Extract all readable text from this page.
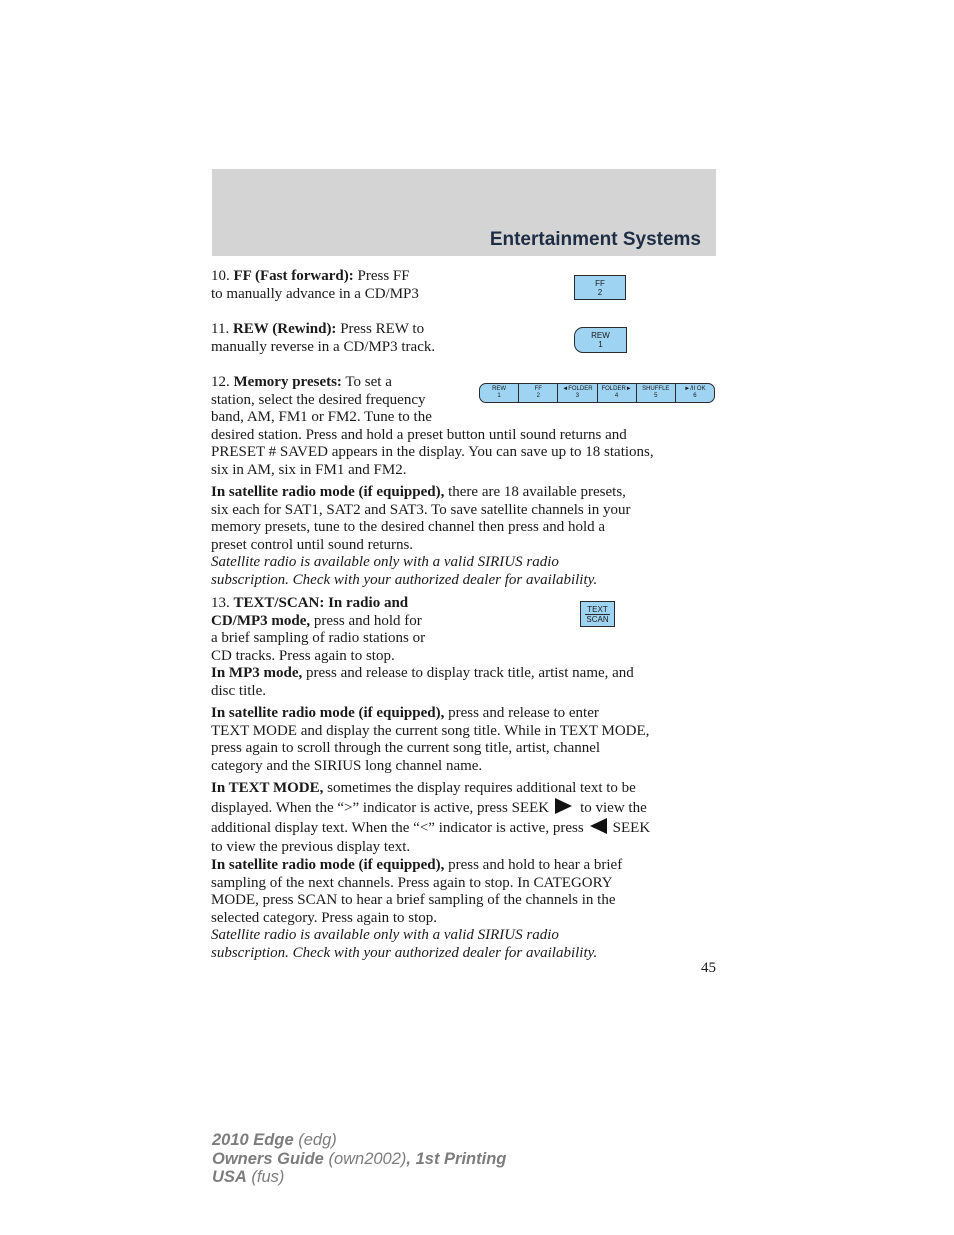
Entertainment Systems

10. FF (Fast forward): Press FF
to manually advance in a CD/MP3

FF
2

11. REW (Rewind): Press REW to
manually reverse in a CD/MP3 track.

REW
1

12. Memory presets: To set a
station, select the desired frequency
band, AM, FM1 or FM2. Tune to the
desired station. Press and hold a preset button until sound returns and
PRESET # SAVED appears in the display. You can save up to 18 stations,
six in AM, six in FM1 and FM2.

REW
1
FF
2
◄FOLDER
3
FOLDER►
4
SHUFFLE
5
►/II OK
6

In satellite radio mode (if equipped), there are 18 available presets,
six each for SAT1, SAT2 and SAT3. To save satellite channels in your
memory presets, tune to the desired channel then press and hold a
preset control until sound returns.
Satellite radio is available only with a valid SIRIUS radio
subscription. Check with your authorized dealer for availability.

13. TEXT/SCAN: In radio and
CD/MP3 mode, press and hold for
a brief sampling of radio stations or
CD tracks. Press again to stop.
In MP3 mode, press and release to display track title, artist name, and
disc title.

TEXT
SCAN

In satellite radio mode (if equipped), press and release to enter
TEXT MODE and display the current song title. While in TEXT MODE,
press again to scroll through the current song title, artist, channel
category and the SIRIUS long channel name.

In TEXT MODE, sometimes the display requires additional text to be
displayed. When the “>” indicator is active, press SEEK to view the
additional display text. When the “<” indicator is active, press SEEK
to view the previous display text.

In satellite radio mode (if equipped), press and hold to hear a brief
sampling of the next channels. Press again to stop. In CATEGORY
MODE, press SCAN to hear a brief sampling of the channels in the
selected category. Press again to stop.
Satellite radio is available only with a valid SIRIUS radio
subscription. Check with your authorized dealer for availability.

45
2010 Edge (edg)
Owners Guide (own2002), 1st Printing
USA (fus)
